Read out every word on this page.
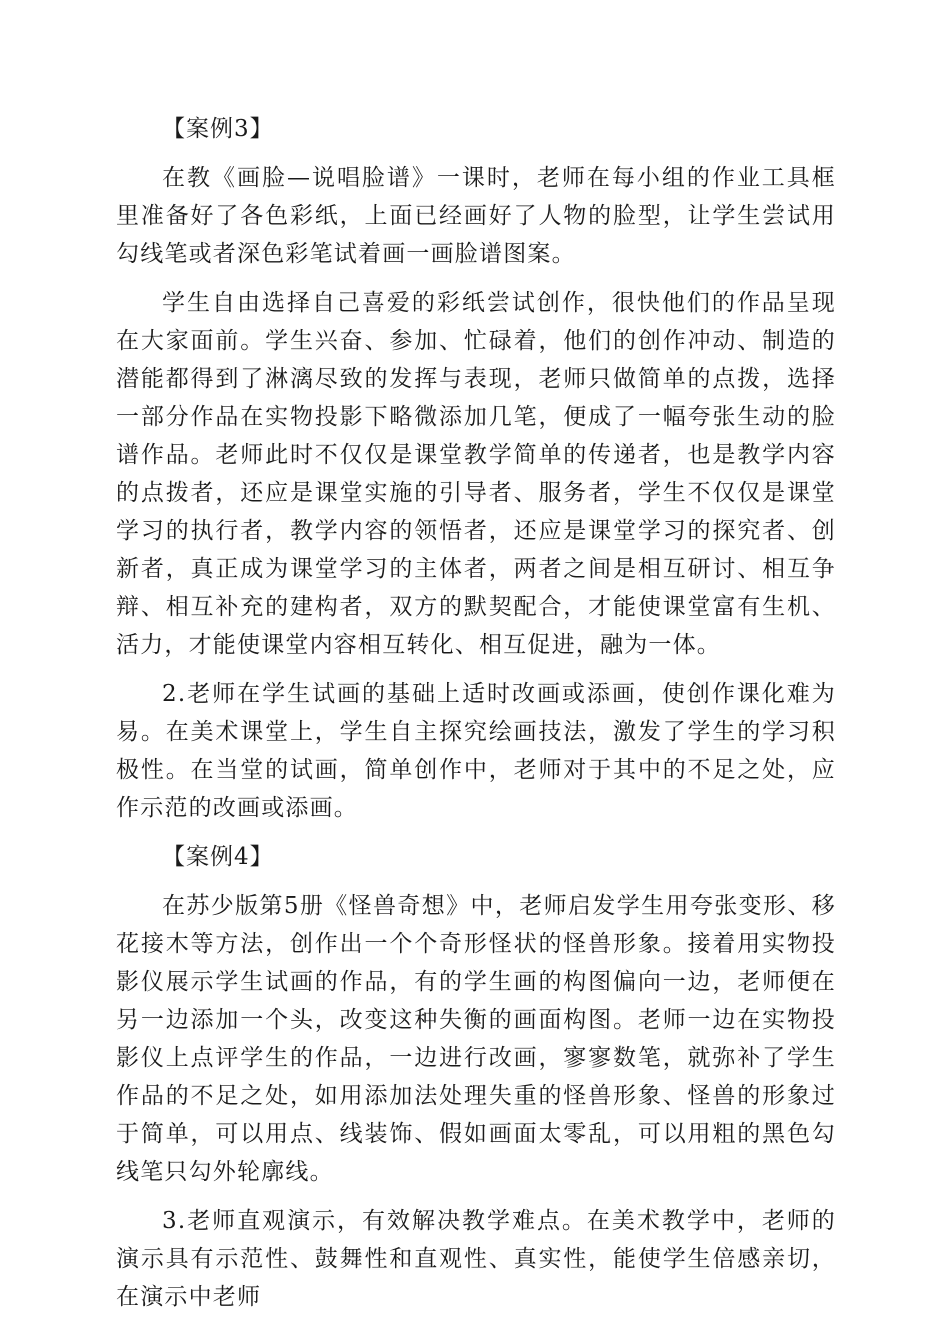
【案例3】

在教《画脸—说唱脸谱》一课时，老师在每小组的作业工具框里准备好了各色彩纸，上面已经画好了人物的脸型，让学生尝试用勾线笔或者深色彩笔试着画一画脸谱图案。

学生自由选择自己喜爱的彩纸尝试创作，很快他们的作品呈现在大家面前。学生兴奋、参加、忙碌着，他们的创作冲动、制造的潜能都得到了淋漓尽致的发挥与表现，老师只做简单的点拨，选择一部分作品在实物投影下略微添加几笔，便成了一幅夸张生动的脸谱作品。老师此时不仅仅是课堂教学简单的传递者，也是教学内容的点拨者，还应是课堂实施的引导者、服务者，学生不仅仅是课堂学习的执行者，教学内容的领悟者，还应是课堂学习的探究者、创新者，真正成为课堂学习的主体者，两者之间是相互研讨、相互争辩、相互补充的建构者，双方的默契配合，才能使课堂富有生机、活力，才能使课堂内容相互转化、相互促进，融为一体。

2.老师在学生试画的基础上适时改画或添画，使创作课化难为易。在美术课堂上，学生自主探究绘画技法，激发了学生的学习积极性。在当堂的试画，简单创作中，老师对于其中的不足之处，应作示范的改画或添画。

【案例4】

在苏少版第5册《怪兽奇想》中，老师启发学生用夸张变形、移花接木等方法，创作出一个个奇形怪状的怪兽形象。接着用实物投影仪展示学生试画的作品，有的学生画的构图偏向一边，老师便在另一边添加一个头，改变这种失衡的画面构图。老师一边在实物投影仪上点评学生的作品，一边进行改画，寥寥数笔，就弥补了学生作品的不足之处，如用添加法处理失重的怪兽形象、怪兽的形象过于简单，可以用点、线装饰、假如画面太零乱，可以用粗的黑色勾线笔只勾外轮廓线。

3.老师直观演示，有效解决教学难点。在美术教学中，老师的演示具有示范性、鼓舞性和直观性、真实性，能使学生倍感亲切，在演示中老师
